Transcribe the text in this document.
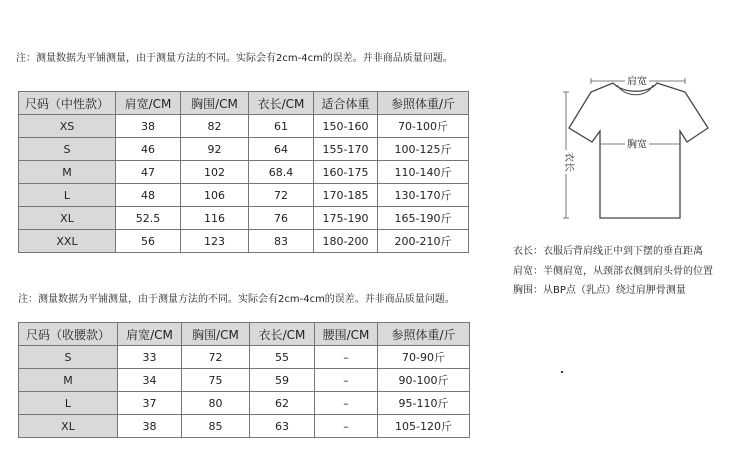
注：测量数据为平铺测量，由于测量方法的不同。实际会有2cm-4cm的误差。并非商品质量问题。
尺码（中性款）	肩宽/CM	胸围/CM	衣长/CM	适合体重	参照体重/斤
XS	38	82	61	150-160	70-100斤
S	46	92	64	155-170	100-125斤
M	47	102	68.4	160-175	110-140斤
L	48	106	72	170-185	130-170斤
XL	52.5	116	76	175-190	165-190斤
XXL	56	123	83	180-200	200-210斤
注：测量数据为平铺测量，由于测量方法的不同。实际会有2cm-4cm的误差。并非商品质量问题。
尺码（收腰款）	肩宽/CM	胸围/CM	衣长/CM	腰围/CM	参照体重/斤
S	33	72	55	–	70-90斤
M	34	75	59	–	90-100斤
L	37	80	62	–	95-110斤
XL	38	85	63	–	105-120斤
肩宽
胸宽
衣长
衣长：衣服后背肩线正中到下摆的垂直距离
肩宽：半侧肩宽，从颈部衣侧到肩头骨的位置
胸围：从BP点（乳点）绕过肩胛骨测量
